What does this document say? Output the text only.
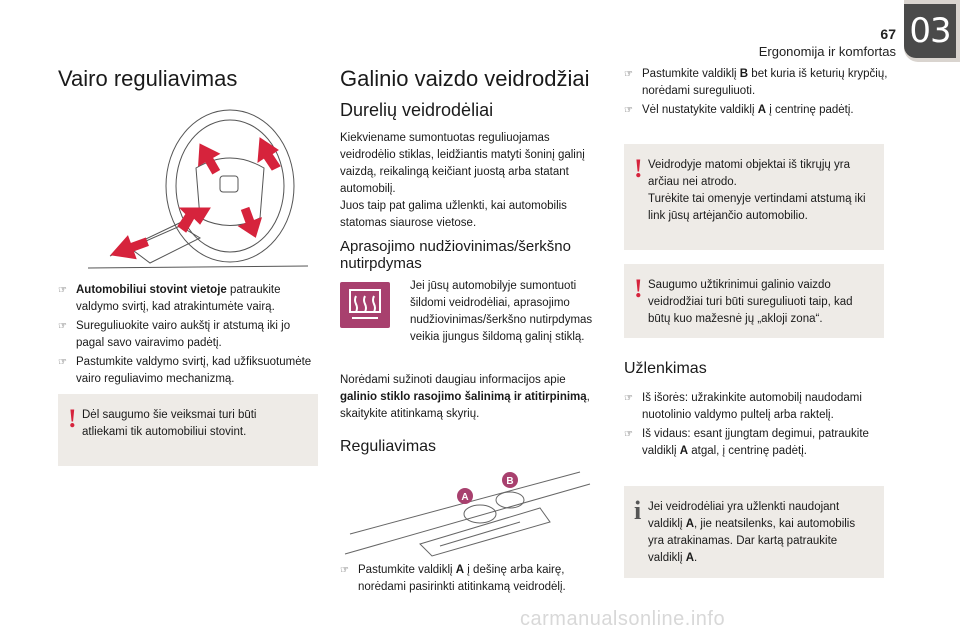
67
Ergonomija ir komfortas
03
Vairo reguliavimas
☞ Automobiliui stovint vietoje patraukite valdymo svirtį, kad atrakintumėte vairą.
☞ Sureguliuokite vairo aukštį ir atstumą iki jo pagal savo vairavimo padėtį.
☞ Pastumkite valdymo svirtį, kad užfiksuotumėte vairo reguliavimo mechanizmą.
! Dėl saugumo šie veiksmai turi būti atliekami tik automobiliui stovint.
Galinio vaizdo veidrodžiai
Durelių veidrodėliai

Kiekviename sumontuotas reguliuojamas veidrodėlio stiklas, leidžiantis matyti šoninį galinį vaizdą, reikalingą keičiant juostą arba statant automobilį.
Juos taip pat galima užlenkti, kai automobilis statomas siaurose vietose.

Aprasojimo nudžiovinimas/šerkšno nutirpdymas

Jei jūsų automobilyje sumontuoti šildomi veidrodėliai, aprasojimo nudžiovinimas/šerkšno nutirpdymas veikia įjungus šildomą galinį stiklą.

Norėdami sužinoti daugiau informacijos apie galinio stiklo rasojimo šalinimą ir atitirpinimą, skaitykite atitinkamą skyrių.

Reguliavimas
A
B
☞ Pastumkite valdiklį A į dešinę arba kairę, norėdami pasirinkti atitinkamą veidrodėlį.
☞ Pastumkite valdiklį B bet kuria iš keturių krypčių, norėdami sureguliuoti.
☞ Vėl nustatykite valdiklį A į centrinę padėtį.
! Veidrodyje matomi objektai iš tikrųjų yra arčiau nei atrodo.
Turėkite tai omenyje vertindami atstumą iki link jūsų artėjančio automobilio.
! Saugumo užtikrinimui galinio vaizdo veidrodžiai turi būti sureguliuoti taip, kad būtų kuo mažesnė jų „akloji zona“.
Užlenkimas
☞ Iš išorės: užrakinkite automobilį naudodami nuotolinio valdymo pultelį arba raktelį.
☞ Iš vidaus: esant įjungtam degimui, patraukite valdiklį A atgal, į centrinę padėtį.
i Jei veidrodėliai yra užlenkti naudojant valdiklį A, jie neatsilenks, kai automobilis yra atrakinamas. Dar kartą patraukite valdiklį A.
carmanualsonline.info
